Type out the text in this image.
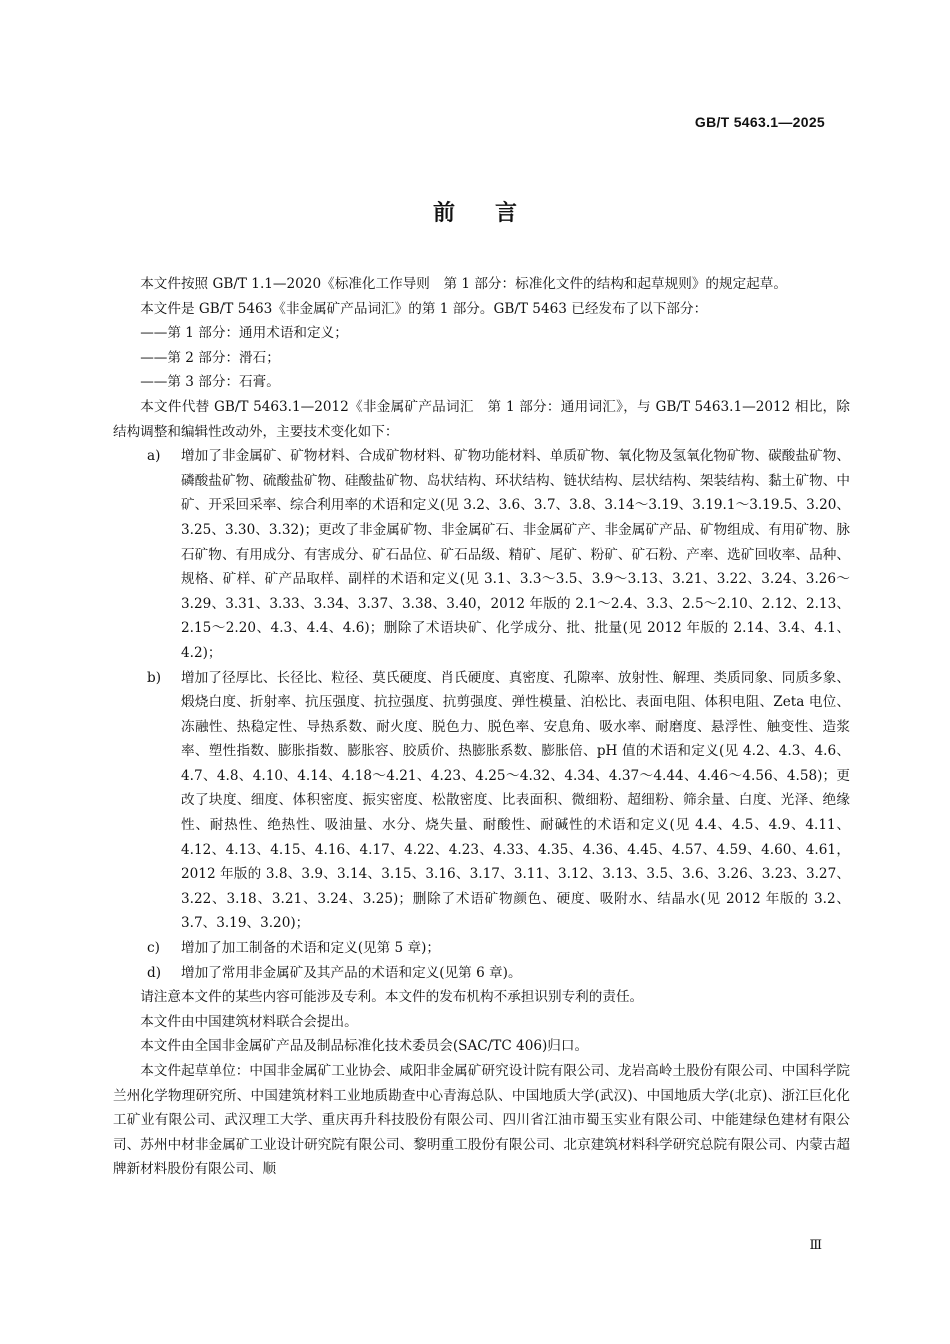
GB/T 5463.1—2025
前言

本文件按照 GB/T 1.1—2020《标准化工作导则　第 1 部分：标准化文件的结构和起草规则》的规定起草。

本文件是 GB/T 5463《非金属矿产品词汇》的第 1 部分。GB/T 5463 已经发布了以下部分：

——第 1 部分：通用术语和定义；

——第 2 部分：滑石；

——第 3 部分：石膏。

本文件代替 GB/T 5463.1—2012《非金属矿产品词汇　第 1 部分：通用词汇》，与 GB/T 5463.1—2012 相比，除结构调整和编辑性改动外，主要技术变化如下：

a)	增加了非金属矿、矿物材料、合成矿物材料、矿物功能材料、单质矿物、氧化物及氢氧化物矿物、碳酸盐矿物、磷酸盐矿物、硫酸盐矿物、硅酸盐矿物、岛状结构、环状结构、链状结构、层状结构、架装结构、黏土矿物、中矿、开采回采率、综合利用率的术语和定义(见 3.2、3.6、3.7、3.8、3.14～3.19、3.19.1～3.19.5、3.20、3.25、3.30、3.32)；更改了非金属矿物、非金属矿石、非金属矿产、非金属矿产品、矿物组成、有用矿物、脉石矿物、有用成分、有害成分、矿石品位、矿石品级、精矿、尾矿、粉矿、矿石粉、产率、选矿回收率、品种、规格、矿样、矿产品取样、副样的术语和定义(见 3.1、3.3～3.5、3.9～3.13、3.21、3.22、3.24、3.26～3.29、3.31、3.33、3.34、3.37、3.38、3.40，2012 年版的 2.1～2.4、3.3、2.5～2.10、2.12、2.13、2.15～2.20、4.3、4.4、4.6)；删除了术语块矿、化学成分、批、批量(见 2012 年版的 2.14、3.4、4.1、4.2)；
b)	增加了径厚比、长径比、粒径、莫氏硬度、肖氏硬度、真密度、孔隙率、放射性、解理、类质同象、同质多象、煅烧白度、折射率、抗压强度、抗拉强度、抗剪强度、弹性模量、泊松比、表面电阻、体积电阻、Zeta 电位、冻融性、热稳定性、导热系数、耐火度、脱色力、脱色率、安息角、吸水率、耐磨度、悬浮性、触变性、造浆率、塑性指数、膨胀指数、膨胀容、胶质价、热膨胀系数、膨胀倍、pH 值的术语和定义(见 4.2、4.3、4.6、4.7、4.8、4.10、4.14、4.18～4.21、4.23、4.25～4.32、4.34、4.37～4.44、4.46～4.56、4.58)；更改了块度、细度、体积密度、振实密度、松散密度、比表面积、微细粉、超细粉、筛余量、白度、光泽、绝缘性、耐热性、绝热性、吸油量、水分、烧失量、耐酸性、耐碱性的术语和定义(见 4.4、4.5、4.9、4.11、4.12、4.13、4.15、4.16、4.17、4.22、4.23、4.33、4.35、4.36、4.45、4.57、4.59、4.60、4.61，2012 年版的 3.8、3.9、3.14、3.15、3.16、3.17、3.11、3.12、3.13、3.5、3.6、3.26、3.23、3.27、3.22、3.18、3.21、3.24、3.25)；删除了术语矿物颜色、硬度、吸附水、结晶水(见 2012 年版的 3.2、3.7、3.19、3.20)；
c)	增加了加工制备的术语和定义(见第 5 章)；
d)	增加了常用非金属矿及其产品的术语和定义(见第 6 章)。

请注意本文件的某些内容可能涉及专利。本文件的发布机构不承担识别专利的责任。

本文件由中国建筑材料联合会提出。

本文件由全国非金属矿产品及制品标准化技术委员会(SAC/TC 406)归口。

本文件起草单位：中国非金属矿工业协会、咸阳非金属矿研究设计院有限公司、龙岩高岭土股份有限公司、中国科学院兰州化学物理研究所、中国建筑材料工业地质勘查中心青海总队、中国地质大学(武汉)、中国地质大学(北京)、浙江巨化化工矿业有限公司、武汉理工大学、重庆再升科技股份有限公司、四川省江油市蜀玉实业有限公司、中能建绿色建材有限公司、苏州中材非金属矿工业设计研究院有限公司、黎明重工股份有限公司、北京建筑材料科学研究总院有限公司、内蒙古超牌新材料股份有限公司、顺

Ⅲ
